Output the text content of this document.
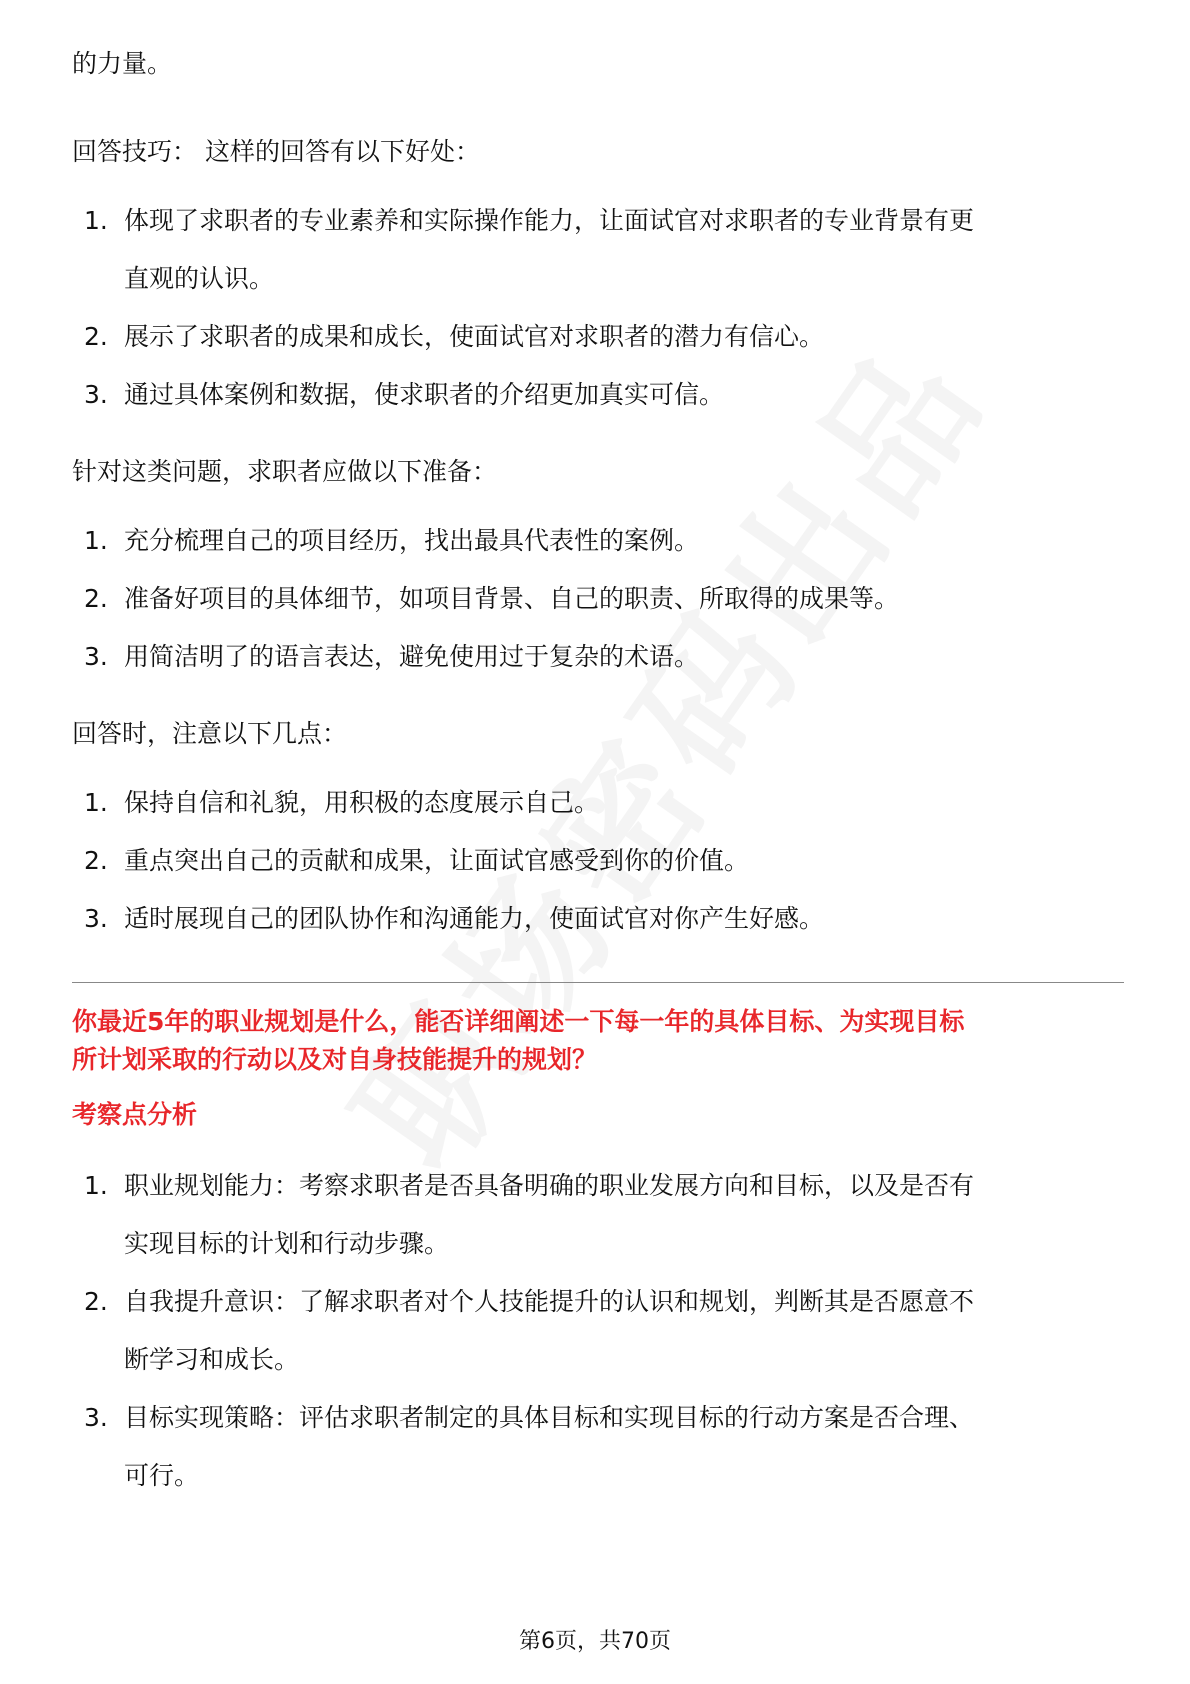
的力量。

回答技巧： 这样的回答有以下好处：

1. 体现了求职者的专业素养和实际操作能力，让面试官对求职者的专业背景有更
直观的认识。
2. 展示了求职者的成果和成长，使面试官对求职者的潜力有信心。
3. 通过具体案例和数据，使求职者的介绍更加真实可信。

针对这类问题，求职者应做以下准备：

1. 充分梳理自己的项目经历，找出最具代表性的案例。
2. 准备好项目的具体细节，如项目背景、自己的职责、所取得的成果等。
3. 用简洁明了的语言表达，避免使用过于复杂的术语。

回答时，注意以下几点：

1. 保持自信和礼貌，用积极的态度展示自己。
2. 重点突出自己的贡献和成果，让面试官感受到你的价值。
3. 适时展现自己的团队协作和沟通能力，使面试官对你产生好感。

你最近5年的职业规划是什么，能否详细阐述一下每一年的具体目标、为实现目标
所计划采取的行动以及对自身技能提升的规划？

考察点分析

1. 职业规划能力：考察求职者是否具备明确的职业发展方向和目标，以及是否有
实现目标的计划和行动步骤。
2. 自我提升意识：了解求职者对个人技能提升的认识和规划，判断其是否愿意不
断学习和成长。
3. 目标实现策略：评估求职者制定的具体目标和实现目标的行动方案是否合理、
可行。
第6页，共70页
